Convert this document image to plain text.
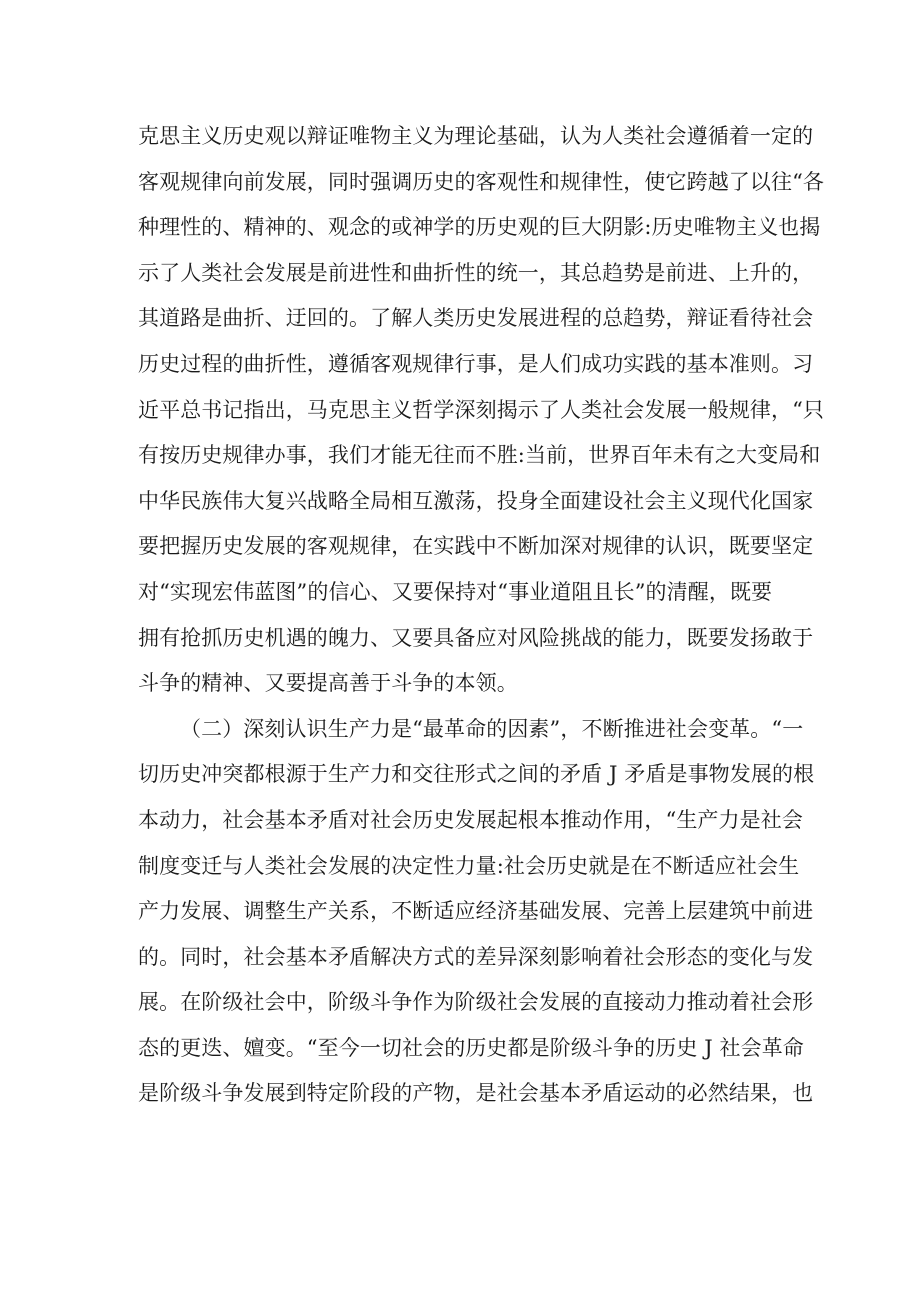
克思主义历史观以辩证唯物主义为理论基础，认为人类社会遵循着一定的
客观规律向前发展，同时强调历史的客观性和规律性，使它跨越了以往“各
种理性的、精神的、观念的或神学的历史观的巨大阴影:历史唯物主义也揭
示了人类社会发展是前进性和曲折性的统一，其总趋势是前进、上升的，
其道路是曲折、迂回的。了解人类历史发展进程的总趋势，辩证看待社会
历史过程的曲折性，遵循客观规律行事，是人们成功实践的基本准则。习
近平总书记指出，马克思主义哲学深刻揭示了人类社会发展一般规律，“只
有按历史规律办事，我们才能无往而不胜:当前，世界百年未有之大变局和
中华民族伟大复兴战略全局相互激荡，投身全面建设社会主义现代化国家
要把握历史发展的客观规律，在实践中不断加深对规律的认识，既要坚定
对“实现宏伟蓝图”的信心、又要保持对“事业道阻且长”的清醒，既要
拥有抢抓历史机遇的魄力、又要具备应对风险挑战的能力，既要发扬敢于
斗争的精神、又要提高善于斗争的本领。
（二）深刻认识生产力是“最革命的因素”，不断推进社会变革。“一
切历史冲突都根源于生产力和交往形式之间的矛盾 J 矛盾是事物发展的根
本动力，社会基本矛盾对社会历史发展起根本推动作用，“生产力是社会
制度变迁与人类社会发展的决定性力量:社会历史就是在不断适应社会生
产力发展、调整生产关系，不断适应经济基础发展、完善上层建筑中前进
的。同时，社会基本矛盾解决方式的差异深刻影响着社会形态的变化与发
展。在阶级社会中，阶级斗争作为阶级社会发展的直接动力推动着社会形
态的更迭、嬗变。“至今一切社会的历史都是阶级斗争的历史 J 社会革命
是阶级斗争发展到特定阶段的产物，是社会基本矛盾运动的必然结果，也
